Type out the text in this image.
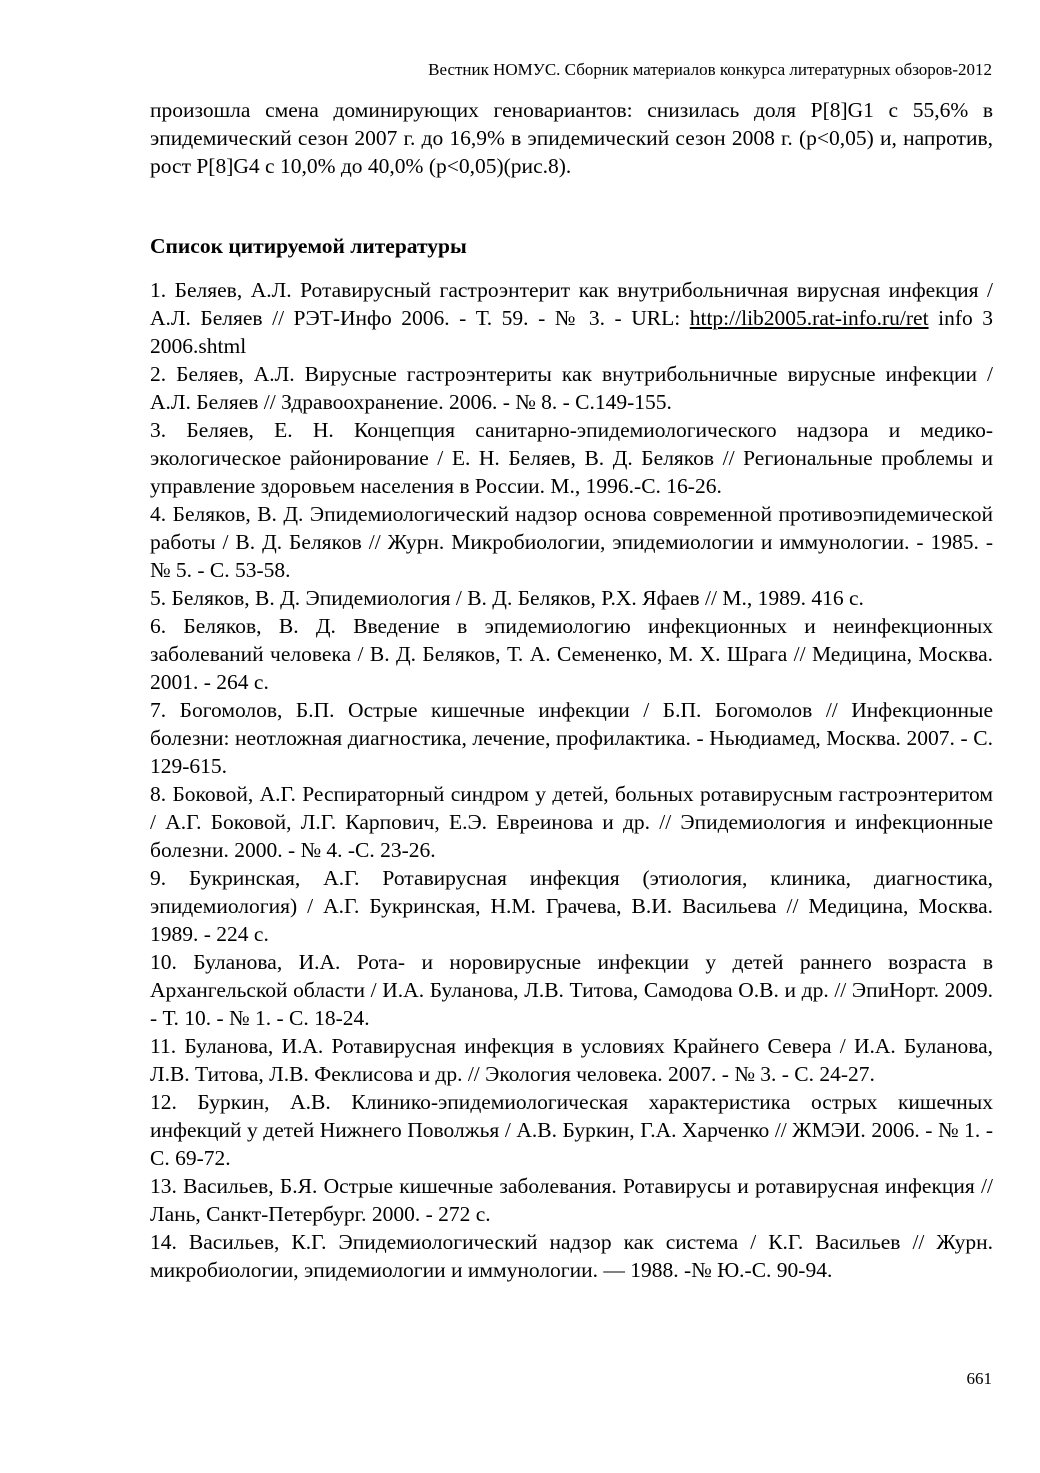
Вестник НОМУС. Сборник материалов конкурса литературных обзоров-2012

произошла смена доминирующих геновариантов: снизилась доля P[8]G1 с 55,6% в эпидемический сезон 2007 г. до 16,9% в эпидемический сезон 2008 г. (p<0,05) и, напротив, рост P[8]G4 с 10,0% до 40,0% (p<0,05)(рис.8).

Список цитируемой литературы
1. Беляев, А.Л. Ротавирусный гастроэнтерит как внутрибольничная вирусная инфекция / А.Л. Беляев // РЭТ-Инфо 2006. - Т. 59. - № 3. - URL: http://lib2005.rat-info.ru/ret info 3 2006.shtml
2. Беляев, А.Л. Вирусные гастроэнтериты как внутрибольничные вирусные инфекции / А.Л. Беляев // Здравоохранение. 2006. - № 8. - С.149-155.
3. Беляев, Е. Н. Концепция санитарно-эпидемиологического надзора и медико-экологическое районирование / Е. Н. Беляев, В. Д. Беляков // Региональные проблемы и управление здоровьем населения в России. М., 1996.-С. 16-26.
4. Беляков, В. Д. Эпидемиологический надзор основа современной противоэпидемической работы / В. Д. Беляков // Журн. Микробиологии, эпидемиологии и иммунологии. - 1985. - № 5. - С. 53-58.
5. Беляков, В. Д. Эпидемиология / В. Д. Беляков, Р.Х. Яфаев // М., 1989. 416 с.
6. Беляков, В. Д. Введение в эпидемиологию инфекционных и неинфекционных заболеваний человека / В. Д. Беляков, Т. А. Семененко, М. Х. Шрага // Медицина, Москва. 2001. - 264 с.
7. Богомолов, Б.П. Острые кишечные инфекции / Б.П. Богомолов // Инфекционные болезни: неотложная диагностика, лечение, профилактика. - Ньюдиамед, Москва. 2007. - С. 129-615.
8. Боковой, А.Г. Респираторный синдром у детей, больных ротавирусным гастроэнтеритом / А.Г. Боковой, Л.Г. Карпович, Е.Э. Евреинова и др. // Эпидемиология и инфекционные болезни. 2000. - № 4. -С. 23-26.
9. Букринская, А.Г. Ротавирусная инфекция (этиология, клиника, диагностика, эпидемиология) / А.Г. Букринская, Н.М. Грачева, В.И. Васильева // Медицина, Москва. 1989. - 224 с.
10. Буланова, И.А. Рота- и норовирусные инфекции у детей раннего возраста в Архангельской области / И.А. Буланова, Л.В. Титова, Самодова О.В. и др. // ЭпиНорт. 2009. - Т. 10. - № 1. - С. 18-24.
11. Буланова, И.А. Ротавирусная инфекция в условиях Крайнего Севера / И.А. Буланова, Л.В. Титова, Л.В. Феклисова и др. // Экология человека. 2007. - № 3. - С. 24-27.
12. Буркин, А.В. Клинико-эпидемиологическая характеристика острых кишечных инфекций у детей Нижнего Поволжья / А.В. Буркин, Г.А. Харченко // ЖМЭИ. 2006. - № 1. - С. 69-72.
13. Васильев, Б.Я. Острые кишечные заболевания. Ротавирусы и ротавирусная инфекция // Лань, Санкт-Петербург. 2000. - 272 с.
14. Васильев, К.Г. Эпидемиологический надзор как система / К.Г. Васильев // Журн. микробиологии, эпидемиологии и иммунологии. — 1988. -№ Ю.-С. 90-94.
661
